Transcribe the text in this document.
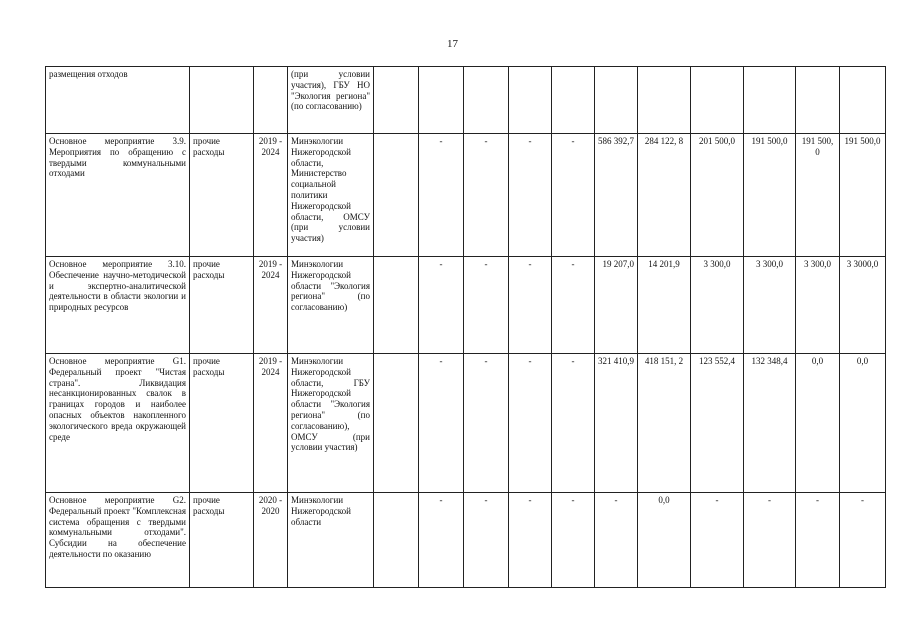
17
размещения отходов			(при условии участия), ГБУ НО "Экология региона" (по согласованию)												
Основное мероприятие 3.9. Мероприятия по обращению с твердыми коммунальными отходами	прочие расходы	2019 - 2024	Минэкологии Нижегородской области, Министерство социальной политики Нижегородской области, ОМСУ (при условии участия)		-	-	-	-	586 392,7	284 122, 8	201 500,0	191 500,0	191 500, 0	191 500,0	
Основное мероприятие 3.10. Обеспечение научно-методической и экспертно-аналитической деятельности в области экологии и природных ресурсов	прочие расходы	2019 - 2024	Минэкологии Нижегородской области "Экология региона" (по согласованию)		-	-	-	-	19 207,0	14 201,9	3 300,0	3 300,0	3 300,0	3 3000,0	
Основное мероприятие G1. Федеральный проект "Чистая страна". Ликвидация несанкционированных свалок в границах городов и наиболее опасных объектов накопленного экологического вреда окружающей среде	прочие расходы	2019 - 2024	Минэкологии Нижегородской области, ГБУ Нижегородской области "Экология региона" (по согласованию), ОМСУ (при условии участия)		-	-	-	-	321 410,9	418 151, 2	123 552,4	132 348,4	0,0	0,0	
Основное мероприятие G2. Федеральный проект "Комплексная система обращения с твердыми коммунальными отходами". Субсидии на обеспечение деятельности по оказанию	прочие расходы	2020 - 2020	Минэкологии Нижегородской области		-	-	-	-	-	0,0	-	-	-	-	
